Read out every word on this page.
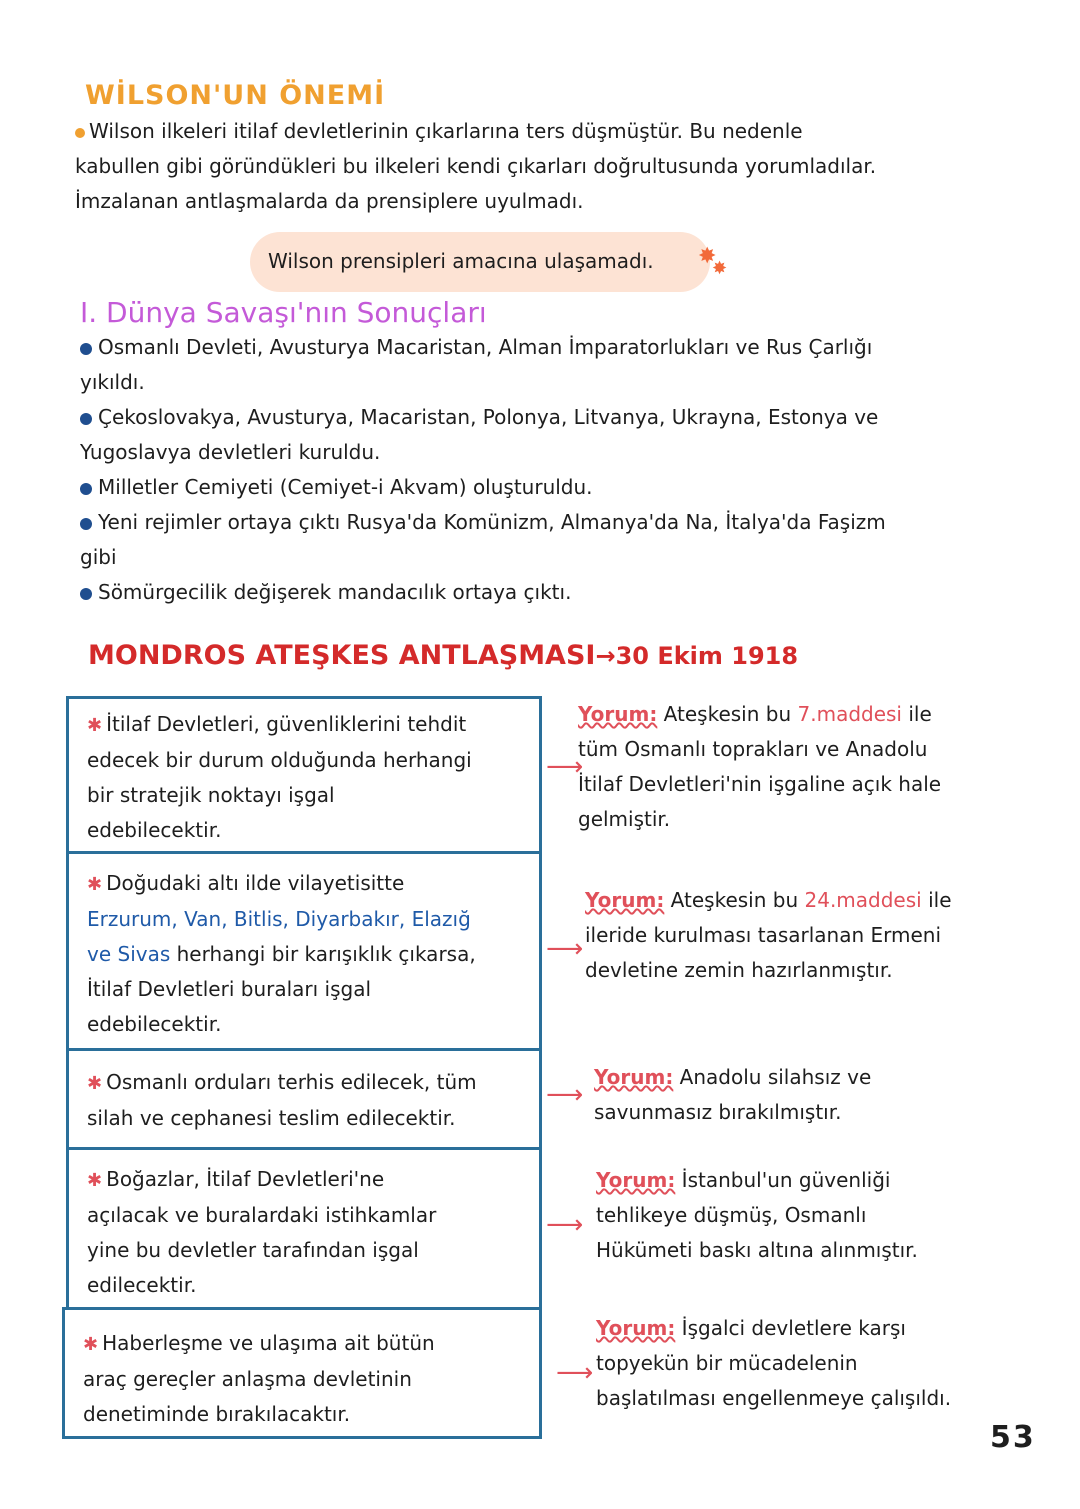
WİLSON'UN ÖNEMİ
Wilson ilkeleri itilaf devletlerinin çıkarlarına ters düşmüştür. Bu nedenle
kabullen gibi göründükleri bu ilkeleri kendi çıkarları doğrultusunda yorumladılar.
İmzalanan antlaşmalarda da prensiplere uyulmadı.
Wilson prensipleri amacına ulaşamadı. ✸
✸
I. Dünya Savaşı'nın Sonuçları
Osmanlı Devleti, Avusturya Macaristan, Alman İmparatorlukları ve Rus Çarlığı
yıkıldı.
Çekoslovakya, Avusturya, Macaristan, Polonya, Litvanya, Ukrayna, Estonya ve
Yugoslavya devletleri kuruldu.
Milletler Cemiyeti (Cemiyet-i Akvam) oluşturuldu.
Yeni rejimler ortaya çıktı Rusya'da Komünizm, Almanya'da Na, İtalya'da Faşizm
gibi
Sömürgecilik değişerek mandacılık ortaya çıktı.
MONDROS ATEŞKES ANTLAŞMASI→30 Ekim 1918
✱ İtilaf Devletleri, güvenliklerini tehdit
edecek bir durum olduğunda herhangi
bir stratejik noktayı işgal
edebilecektir.
✱ Doğudaki altı ilde vilayetisitte
Erzurum, Van, Bitlis, Diyarbakır, Elazığ
ve Sivas herhangi bir karışıklık çıkarsa,
İtilaf Devletleri buraları işgal
edebilecektir.
✱ Osmanlı orduları terhis edilecek, tüm
silah ve cephanesi teslim edilecektir.
✱ Boğazlar, İtilaf Devletleri'ne
açılacak ve buralardaki istihkamlar
yine bu devletler tarafından işgal
edilecektir.
✱ Haberleşme ve ulaşıma ait bütün
araç gereçler anlaşma devletinin
denetiminde bırakılacaktır.
⟶
⟶
⟶
⟶
⟶
Yorum: Ateşkesin bu 7.maddesi ile
tüm Osmanlı toprakları ve Anadolu
İtilaf Devletleri'nin işgaline açık hale
gelmiştir.
Yorum: Ateşkesin bu 24.maddesi ile
ileride kurulması tasarlanan Ermeni
devletine zemin hazırlanmıştır.
Yorum: Anadolu silahsız ve
savunmasız bırakılmıştır.
Yorum: İstanbul'un güvenliği
tehlikeye düşmüş, Osmanlı
Hükümeti baskı altına alınmıştır.
Yorum: İşgalci devletlere karşı
topyekün bir mücadelenin
başlatılması engellenmeye çalışıldı.
53
